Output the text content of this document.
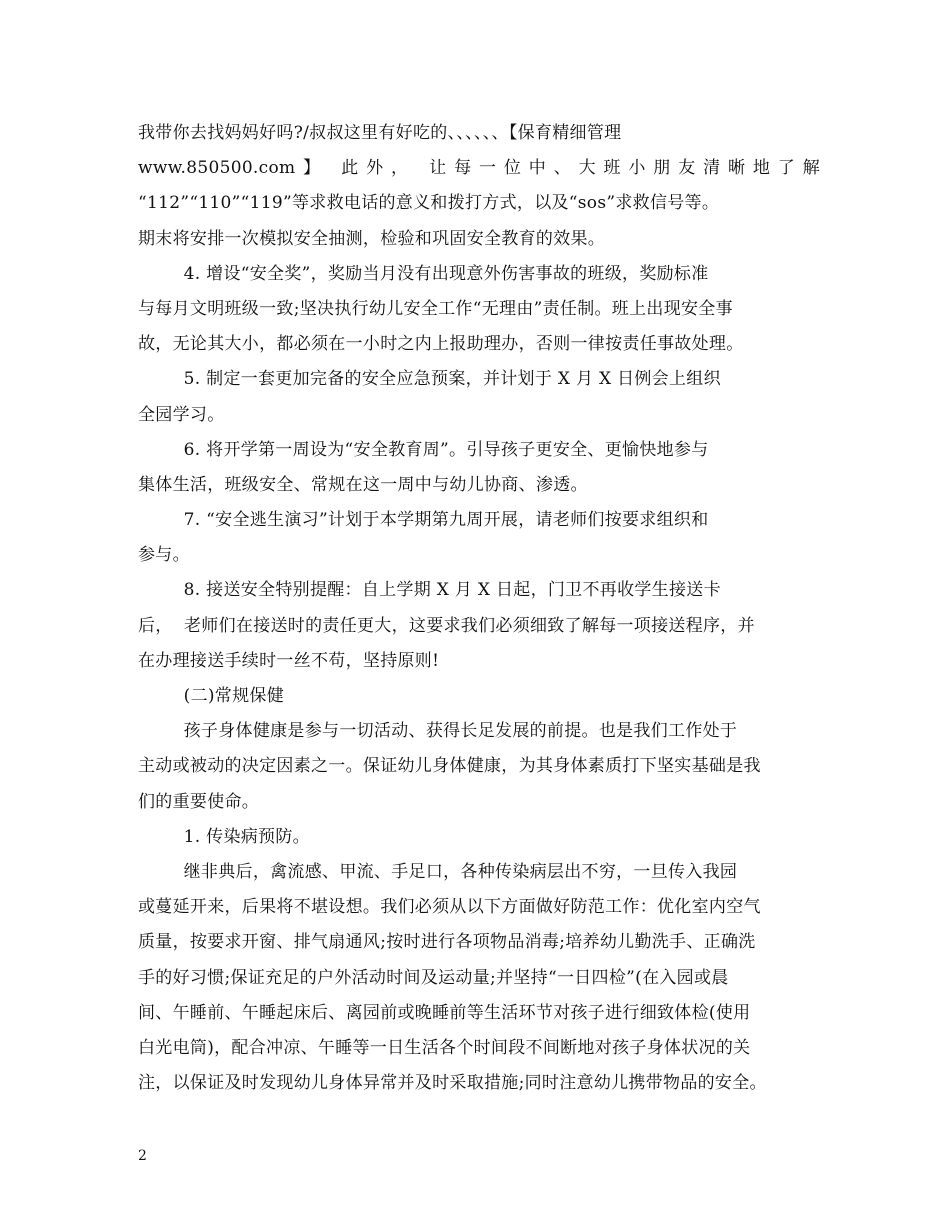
我带你去找妈妈好吗?/叔叔这里有好吃的、、、、、、【保育精细管理
www.850500.com】 此外， 让每一位中、大班小朋友清晰地了解
“112”“110”“119”等求救电话的意义和拨打方式，以及“sos”求救信号等。
期末将安排一次模拟安全抽测，检验和巩固安全教育的效果。
4. 增设“安全奖”，奖励当月没有出现意外伤害事故的班级，奖励标准
与每月文明班级一致;坚决执行幼儿安全工作“无理由”责任制。班上出现安全事
故，无论其大小，都必须在一小时之内上报助理办，否则一律按责任事故处理。
5. 制定一套更加完备的安全应急预案，并计划于 X 月 X 日例会上组织
全园学习。
6. 将开学第一周设为“安全教育周”。引导孩子更安全、更愉快地参与
集体生活，班级安全、常规在这一周中与幼儿协商、渗透。
7. “安全逃生演习”计划于本学期第九周开展，请老师们按要求组织和
参与。
8. 接送安全特别提醒：自上学期 X 月 X 日起，门卫不再收学生接送卡
后，  老师们在接送时的责任更大，这要求我们必须细致了解每一项接送程序，并
在办理接送手续时一丝不苟，坚持原则!
(二)常规保健
孩子身体健康是参与一切活动、获得长足发展的前提。也是我们工作处于
主动或被动的决定因素之一。保证幼儿身体健康，为其身体素质打下坚实基础是我
们的重要使命。
1. 传染病预防。
继非典后，禽流感、甲流、手足口，各种传染病层出不穷，一旦传入我园
或蔓延开来，后果将不堪设想。我们必须从以下方面做好防范工作：优化室内空气
质量，按要求开窗、排气扇通风;按时进行各项物品消毒;培养幼儿勤洗手、正确洗
手的好习惯;保证充足的户外活动时间及运动量;并坚持“一日四检”(在入园或晨
间、午睡前、午睡起床后、离园前或晚睡前等生活环节对孩子进行细致体检(使用
白光电筒)，配合冲凉、午睡等一日生活各个时间段不间断地对孩子身体状况的关
注，以保证及时发现幼儿身体异常并及时采取措施;同时注意幼儿携带物品的安全。
2
